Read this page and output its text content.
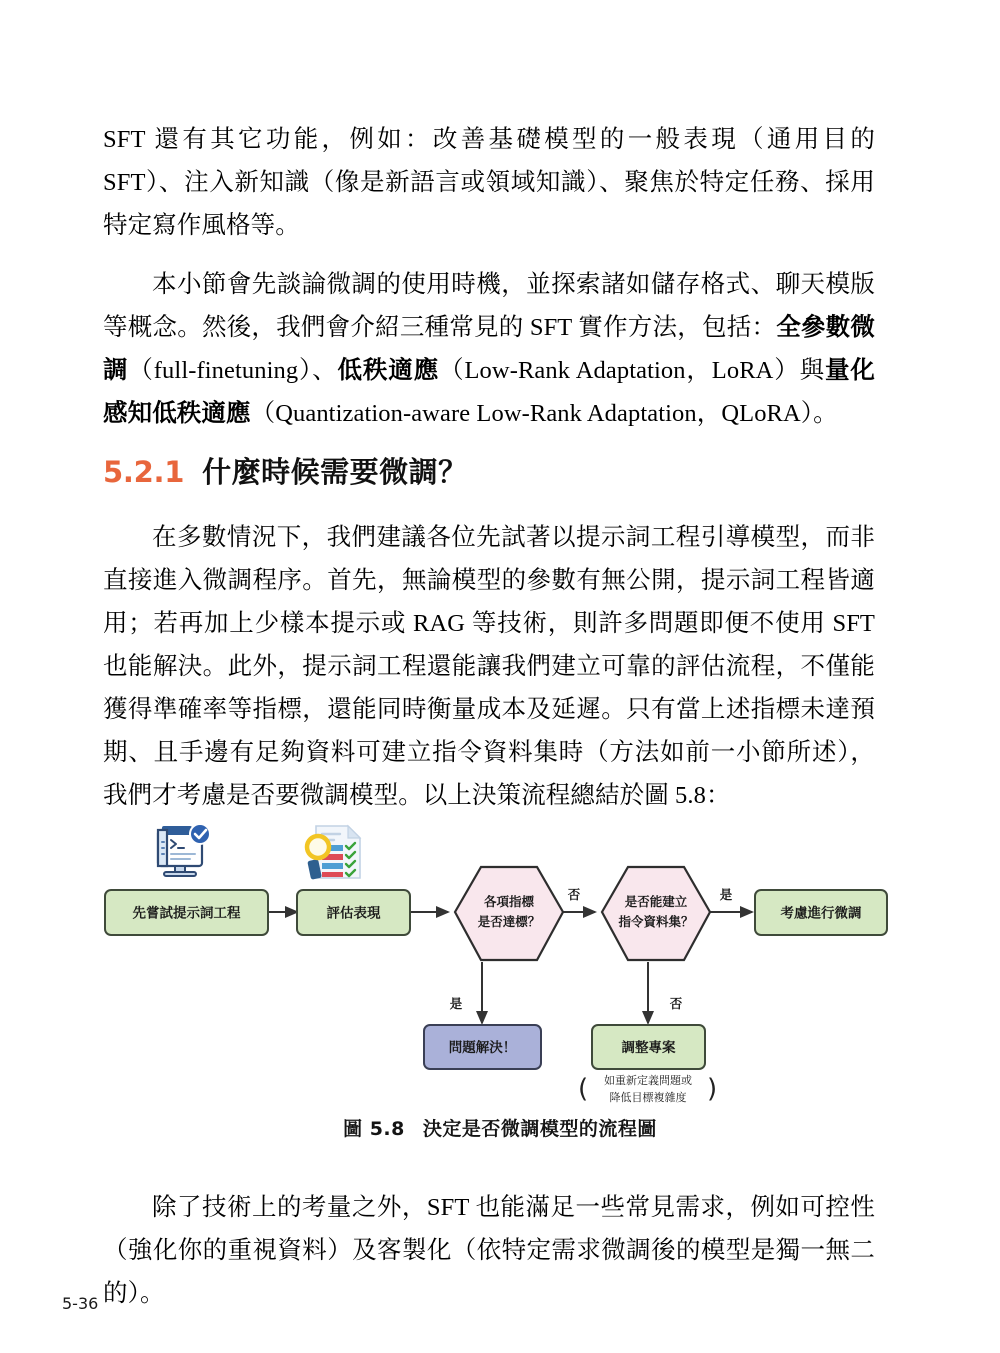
SFT 還有其它功能，例如：改善基礎模型的一般表現（通用目的 SFT）、注入新知識（像是新語言或領域知識）、聚焦於特定任務、採用特定寫作風格等。

本小節會先談論微調的使用時機，並探索諸如儲存格式、聊天模版等概念。然後，我們會介紹三種常見的 SFT 實作方法，包括：全參數微調（full-finetuning）、低秩適應（Low-Rank Adaptation，LoRA）與量化感知低秩適應（Quantization-aware Low-Rank Adaptation，QLoRA）。

5.2.1 什麼時候需要微調？

在多數情況下，我們建議各位先試著以提示詞工程引導模型，而非直接進入微調程序。首先，無論模型的參數有無公開，提示詞工程皆適用；若再加上少樣本提示或 RAG 等技術，則許多問題即便不使用 SFT 也能解決。此外，提示詞工程還能讓我們建立可靠的評估流程，不僅能獲得準確率等指標，還能同時衡量成本及延遲。只有當上述指標未達預期、且手邊有足夠資料可建立指令資料集時（方法如前一小節所述），我們才考慮是否要微調模型。以上決策流程總結於圖 5.8：

先嘗試提示詞工程	評估表現
各項指標
是否達標？
是否能建立
指令資料集？	考慮進行微調
問題解決！	調整專案
否	是
是	否
( 如重新定義問題或
降低目標複雜度 )
圖 5.8 決定是否微調模型的流程圖

除了技術上的考量之外，SFT 也能滿足一些常見需求，例如可控性（強化你的重視資料）及客製化（依特定需求微調後的模型是獨一無二的）。

5-36
